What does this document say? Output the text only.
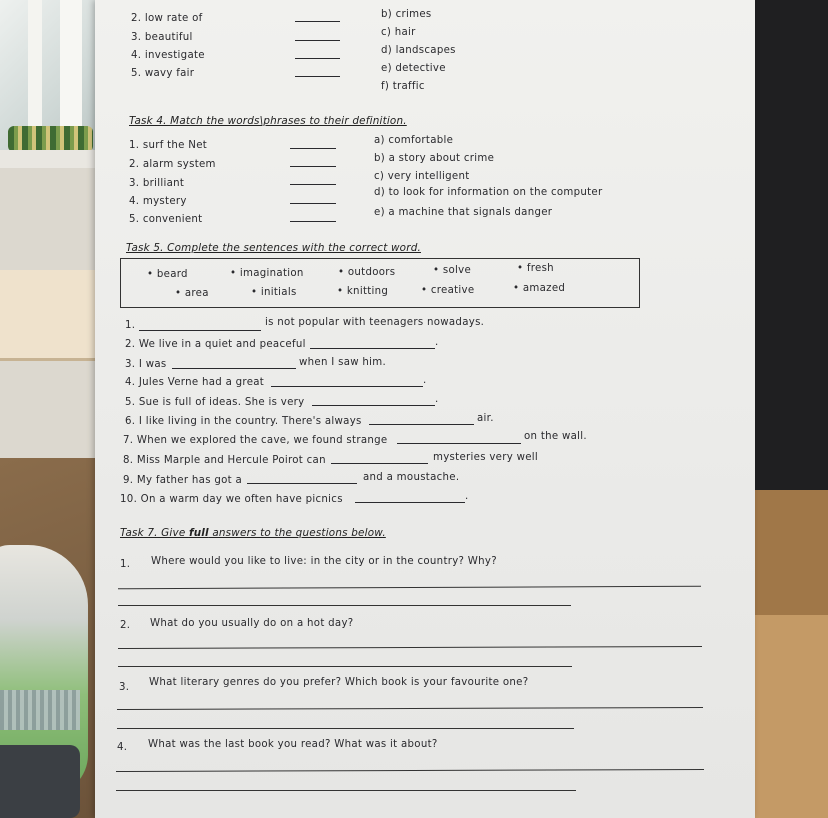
2. low rate of
3. beautiful
4. investigate
5. wavy fair
b) crimes
c) hair
d) landscapes
e) detective
f) traffic
Task 4. Match the words\phrases to their definition.
1. surf the Net
2. alarm system
3. brilliant
4. mystery
5. convenient
a) comfortable
b) a story about crime
c) very intelligent
d) to look for information on the computer
e) a machine that signals danger
Task 5. Complete the sentences with the correct word.
• beard	• imagination	• outdoors	• solve	• fresh
• area	• initials	• knitting	• creative	• amazed
1.	is not popular with teenagers nowadays.
2. We live in a quiet and peaceful	.
3. I was	when I saw him.
4. Jules Verne had a great	.
5. Sue is full of ideas. She is very	.
6. I like living in the country. There's always	air.
7. When we explored the cave, we found strange	on the wall.
8. Miss Marple and Hercule Poirot can	mysteries very well
9. My father has got a	and a moustache.
10. On a warm day we often have picnics	.
Task 7. Give full answers to the questions below.
1. Where would you like to live: in the city or in the country? Why?
2. What do you usually do on a hot day?
3. What literary genres do you prefer? Which book is your favourite one?
4. What was the last book you read? What was it about?
